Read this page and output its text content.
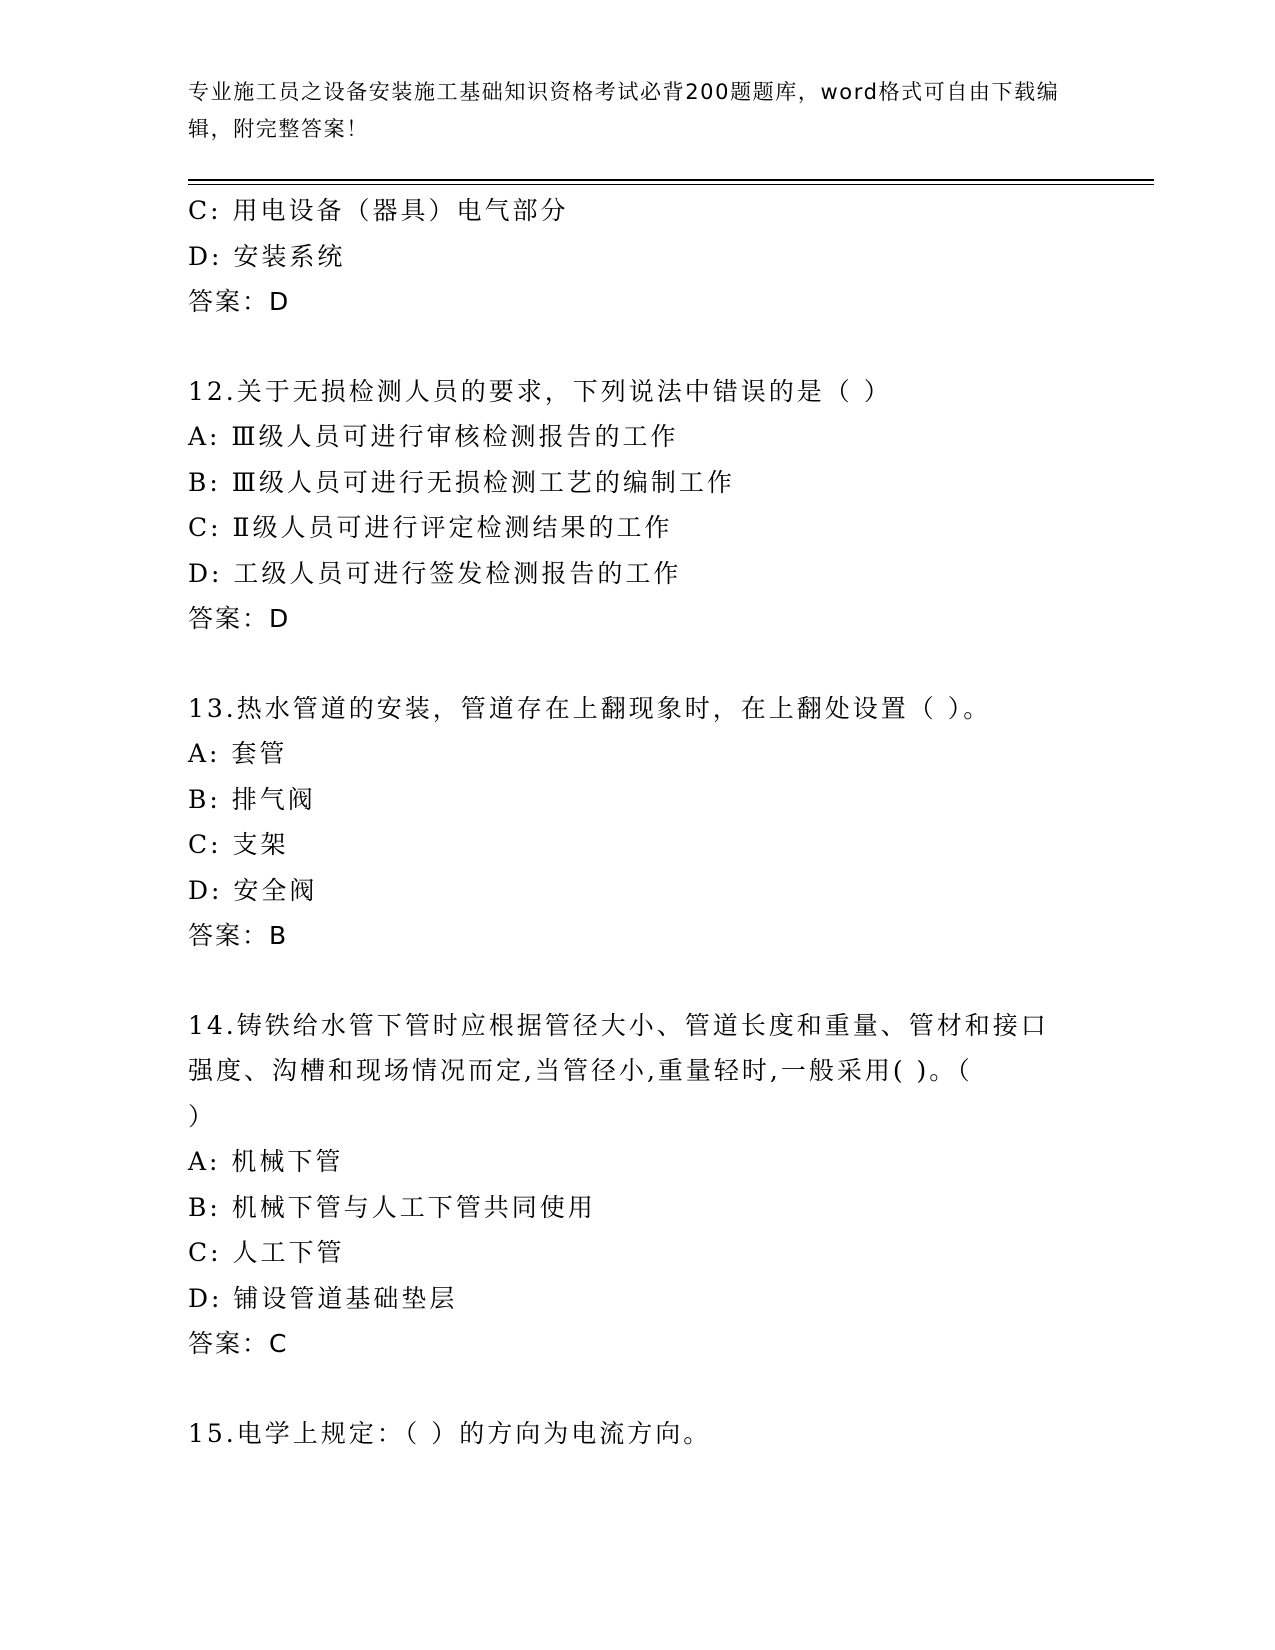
专业施工员之设备安装施工基础知识资格考试必背200题题库，word格式可自由下载编辑，附完整答案！
C: 用电设备（器具）电气部分
D: 安装系统
答案：D
12.关于无损检测人员的要求，下列说法中错误的是（ ）
A: Ⅲ级人员可进行审核检测报告的工作
B: Ⅲ级人员可进行无损检测工艺的编制工作
C: Ⅱ级人员可进行评定检测结果的工作
D: 工级人员可进行签发检测报告的工作
答案：D
13.热水管道的安装，管道存在上翻现象时，在上翻处设置（ ）。
A: 套管
B: 排气阀
C: 支架
D: 安全阀
答案：B
14.铸铁给水管下管时应根据管径大小、管道长度和重量、管材和接口
强度、沟槽和现场情况而定,当管径小,重量轻时,一般采用( )。（
）
A: 机械下管
B: 机械下管与人工下管共同使用
C: 人工下管
D: 铺设管道基础垫层
答案：C
15.电学上规定：（ ）的方向为电流方向。
